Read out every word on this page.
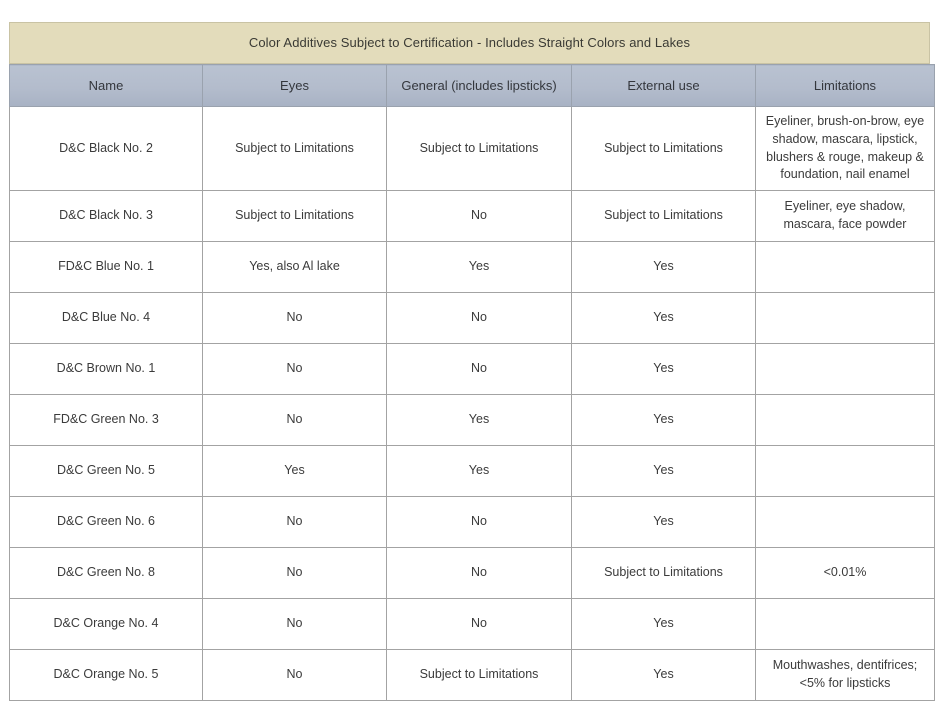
Color Additives Subject to Certification - Includes Straight Colors and Lakes
Name	Eyes	General (includes lipsticks)	External use	Limitations
D&C Black No. 2	Subject to Limitations	Subject to Limitations	Subject to Limitations	Eyeliner, brush-on-brow, eye shadow, mascara, lipstick, blushers & rouge, makeup & foundation, nail enamel
D&C Black No. 3	Subject to Limitations	No	Subject to Limitations	Eyeliner, eye shadow, mascara, face powder
FD&C Blue No. 1	Yes, also Al lake	Yes	Yes	
D&C Blue No. 4	No	No	Yes	
D&C Brown No. 1	No	No	Yes	
FD&C Green No. 3	No	Yes	Yes	
D&C Green No. 5	Yes	Yes	Yes	
D&C Green No. 6	No	No	Yes	
D&C Green No. 8	No	No	Subject to Limitations	<0.01%
D&C Orange No. 4	No	No	Yes	
D&C Orange No. 5	No	Subject to Limitations	Yes	Mouthwashes, dentifrices; <5% for lipsticks
